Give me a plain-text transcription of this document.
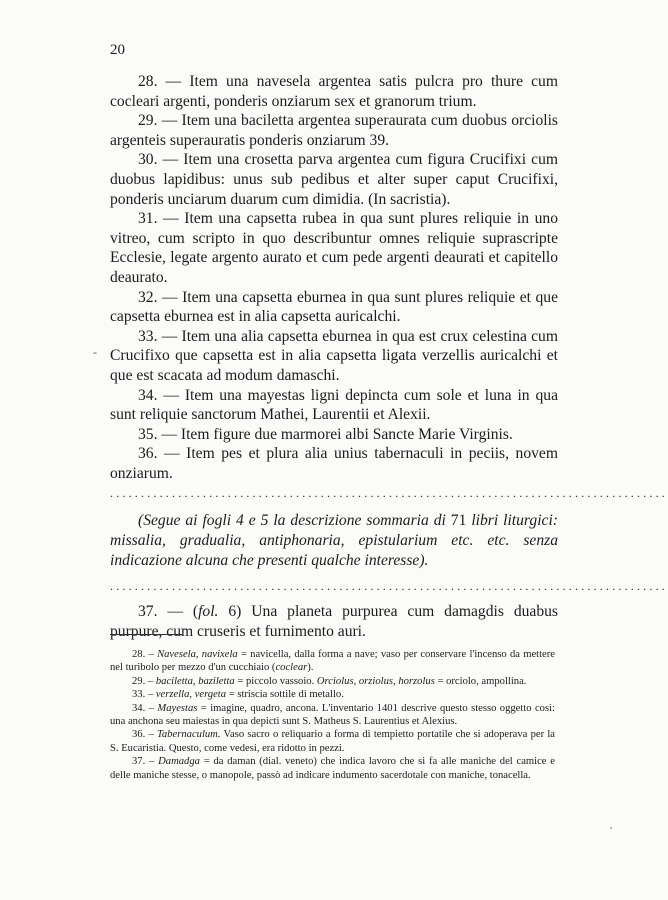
20
-

28. — Item una navesela argentea satis pulcra pro thure cum cocleari argenti, ponderis onziarum sex et granorum trium.

29. — Item una baciletta argentea superaurata cum duobus orciolis argenteis superauratis ponderis onziarum 39.

30. — Item una crosetta parva argentea cum figura Crucifixi cum duobus lapidibus: unus sub pedibus et alter super caput Crucifixi, ponderis unciarum duarum cum dimidia. (In sacristia).

31. — Item una capsetta rubea in qua sunt plures reliquie in uno vitreo, cum scripto in quo describuntur omnes reliquie suprascripte Ecclesie, legate argento aurato et cum pede argenti deaurati et capitello deaurato.

32. — Item una capsetta eburnea in qua sunt plures reliquie et que capsetta eburnea est in alia capsetta auricalchi.

33. — Item una alia capsetta eburnea in qua est crux celestina cum Crucifixo que capsetta est in alia capsetta ligata verzellis auricalchi et que est scacata ad modum damaschi.

34. — Item una mayestas ligni depincta cum sole et luna in qua sunt reliquie sanctorum Mathei, Laurentii et Alexii.

35. — Item figure due marmorei albi Sancte Marie Virginis.

36. — Item pes et plura alia unius tabernaculi in peciis, novem onziarum.

..........................................................................................

(Segue ai fogli 4 e 5 la descrizione sommaria di 71 libri liturgici: missalia, gradualia, antiphonaria, epistularium etc. etc. senza indicazione alcuna che presenti qualche interesse).

..........................................................................................

37. — (fol. 6) Una planeta purpurea cum damagdis duabus purpure, cum cruseris et furnimento auri.

28. – Navesela, navixela = navicella, dalla forma a nave; vaso per conservare l'incenso da mettere nel turibolo per mezzo d'un cucchiaio (coclear).

29. – baciletta, baziletta = piccolo vassoio. Orciolus, orziolus, horzolus = orciolo, ampollina.

33. – verzella, vergeta = striscia sottile di metallo.

34. – Mayestas = imagine, quadro, ancona. L'inventario 1401 descrive questo stesso oggetto così: una anchona seu maiestas in qua depicti sunt S. Matheus S. Laurentius et Alexius.

36. – Tabernaculum. Vaso sacro o reliquario a forma di tempietto portatile che si adoperava per la S. Eucaristia. Questo, come vedesi, era ridotto in pezzi.

37. – Damadga = da daman (dial. veneto) che indica lavoro che si fa alle maniche del camice e delle maniche stesse, o manopole, passò ad indicare indumento sacerdotale con maniche, tonacella.
